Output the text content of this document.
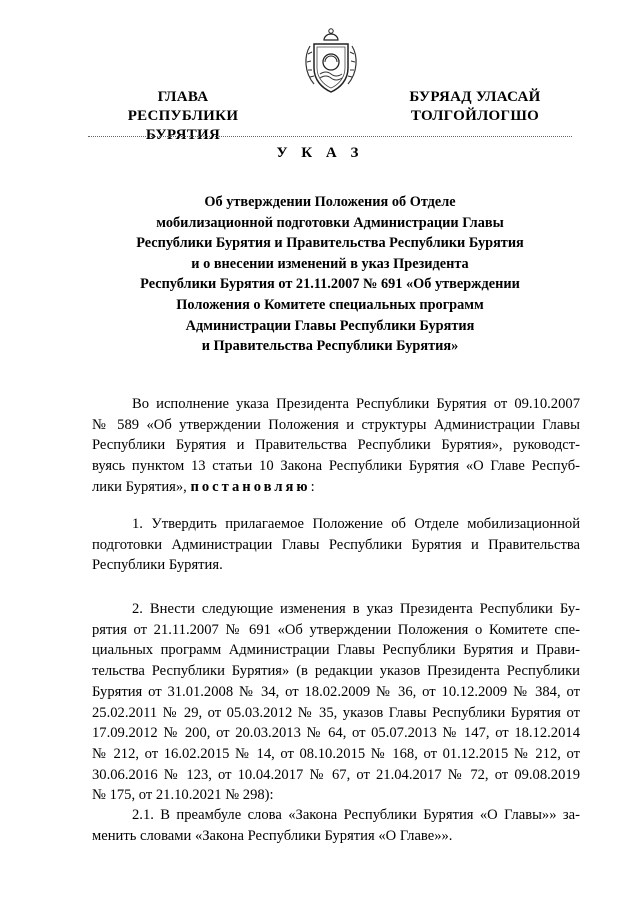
ГЛАВА
РЕСПУБЛИКИ БУРЯТИЯ
БУРЯАД УЛАСАЙ
ТОЛГОЙЛОГШО
У К А З
Об утверждении Положения об Отделе
мобилизационной подготовки Администрации Главы
Республики Бурятия и Правительства Республики Бурятия
и о внесении изменений в указ Президента
Республики Бурятия от 21.11.2007 № 691 «Об утверждении
Положения о Комитете специальных программ
Администрации Главы Республики Бурятия
и Правительства Республики Бурятия»
Во исполнение указа Президента Республики Бурятия от 09.10.2007
№ 589 «Об утверждении Положения и структуры Администрации Главы
Республики Бурятия и Правительства Республики Бурятия», руководст-
вуясь пунктом 13 статьи 10 Закона Республики Бурятия «О Главе Респуб-
лики Бурятия», постановляю:
1. Утвердить прилагаемое Положение об Отделе мобилизационной
подготовки Администрации Главы Республики Бурятия и Правительства
Республики Бурятия.
2. Внести следующие изменения в указ Президента Республики Бу-
рятия от 21.11.2007 № 691 «Об утверждении Положения о Комитете спе-
циальных программ Администрации Главы Республики Бурятия и Прави-
тельства Республики Бурятия» (в редакции указов Президента Республики
Бурятия от 31.01.2008 № 34, от 18.02.2009 № 36, от 10.12.2009 № 384, от
25.02.2011 № 29, от 05.03.2012 № 35, указов Главы Республики Бурятия от
17.09.2012 № 200, от 20.03.2013 № 64, от 05.07.2013 № 147, от 18.12.2014
№ 212, от 16.02.2015 № 14, от 08.10.2015 № 168, от 01.12.2015 № 212, от
30.06.2016 № 123, от 10.04.2017 № 67, от 21.04.2017 № 72, от 09.08.2019
№ 175, от 21.10.2021 № 298):
2.1. В преамбуле слова «Закона Республики Бурятия «О Главы»» за-
менить словами «Закона Республики Бурятия «О Главе»».
